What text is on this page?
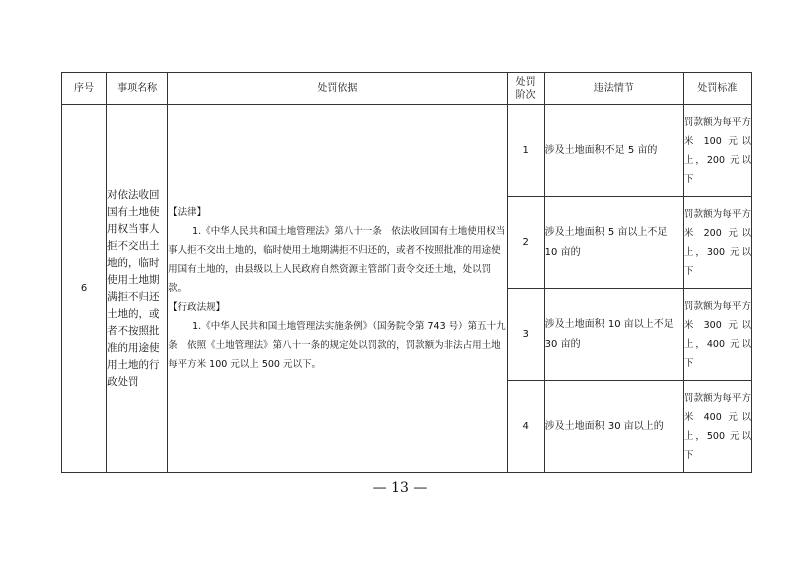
序号	事项名称	处罚依据	处罚阶次	违法情节	处罚标准
6	对依法收回国有土地使用权当事人拒不交出土地的，临时使用土地期满拒不归还土地的，或者不按照批准的用途使用土地的行政处罚	【法律】
1.《中华人民共和国土地管理法》第八十一条　依法收回国有土地使用权当事人拒不交出土地的，临时使用土地期满拒不归还的，或者不按照批准的用途使用国有土地的，由县级以上人民政府自然资源主管部门责令交还土地，处以罚款。
【行政法规】
1.《中华人民共和国土地管理法实施条例》（国务院令第 743 号）第五十九条　依照《土地管理法》第八十一条的规定处以罚款的，罚款额为非法占用土地每平方米 100 元以上 500 元以下。	1	涉及土地面积不足 5 亩的	罚款额为每平方米 100 元以上，200 元以下
			2	涉及土地面积 5 亩以上不足 10 亩的	罚款额为每平方米 200 元以上，300 元以下
			3	涉及土地面积 10 亩以上不足 30 亩的	罚款额为每平方米 300 元以上，400 元以下
			4	涉及土地面积 30 亩以上的	罚款额为每平方米 400 元以上，500 元以下
— 13 —
